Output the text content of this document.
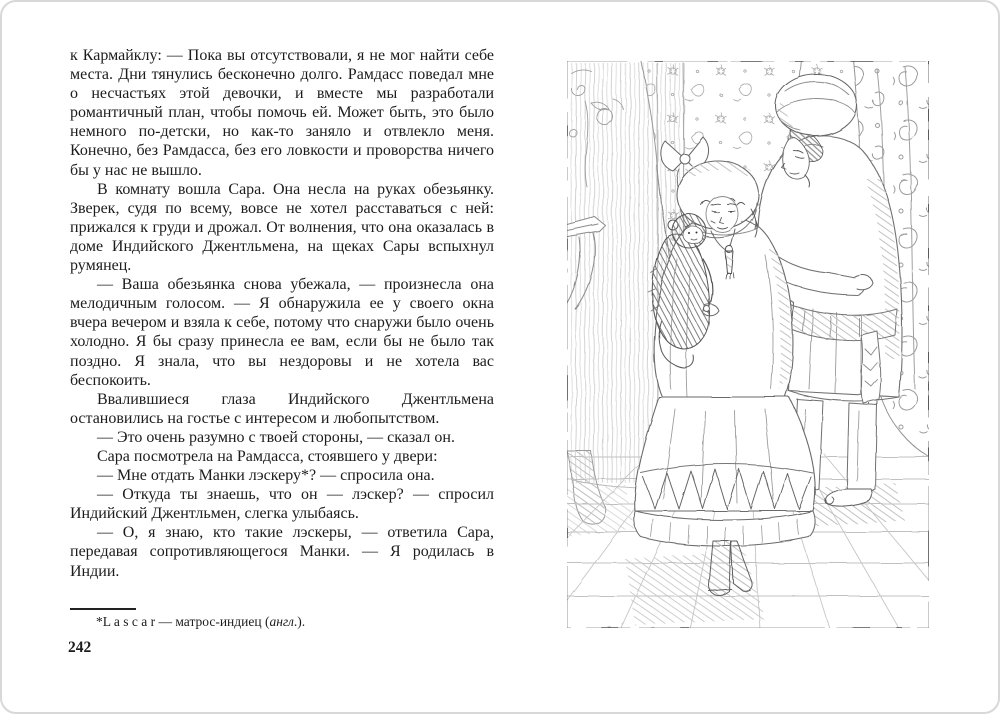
к Кармайклу: — Пока вы отсутствовали, я не мог найти себе места. Дни тянулись бесконечно долго. Рамдасс поведал мне о несчастьях этой девочки, и вместе мы разработали романтичный план, чтобы помочь ей. Может быть, это было немного по-детски, но как-то заняло и отвлекло меня. Конечно, без Рамдасса, без его ловкости и проворства ничего бы у нас не вышло.

В комнату вошла Сара. Она несла на руках обезьянку. Зверек, судя по всему, вовсе не хотел расставаться с ней: прижался к груди и дрожал. От волнения, что она оказалась в доме Индийского Джентльмена, на щеках Сары вспыхнул румянец.

— Ваша обезьянка снова убежала, — произнесла она мелодичным голосом. — Я обнаружила ее у своего окна вчера вечером и взяла к себе, потому что снаружи было очень холодно. Я бы сразу принесла ее вам, если бы не было так поздно. Я знала, что вы нездоровы и не хотела вас беспокоить.

Ввалившиеся глаза Индийского Джентльмена остановились на гостье с интересом и любопытством.

— Это очень разумно с твоей стороны, — сказал он.

Сара посмотрела на Рамдасса, стоявшего у двери:

— Мне отдать Манки лэскеру*? — спросила она.

— Откуда ты знаешь, что он — лэскер? — спросил Индийский Джентльмен, слегка улыбаясь.

— О, я знаю, кто такие лэскеры, — ответила Сара, передавая сопротивляющегося Манки. — Я родилась в Индии.

*L a s c a r — матрос-индиец (англ.).

242
